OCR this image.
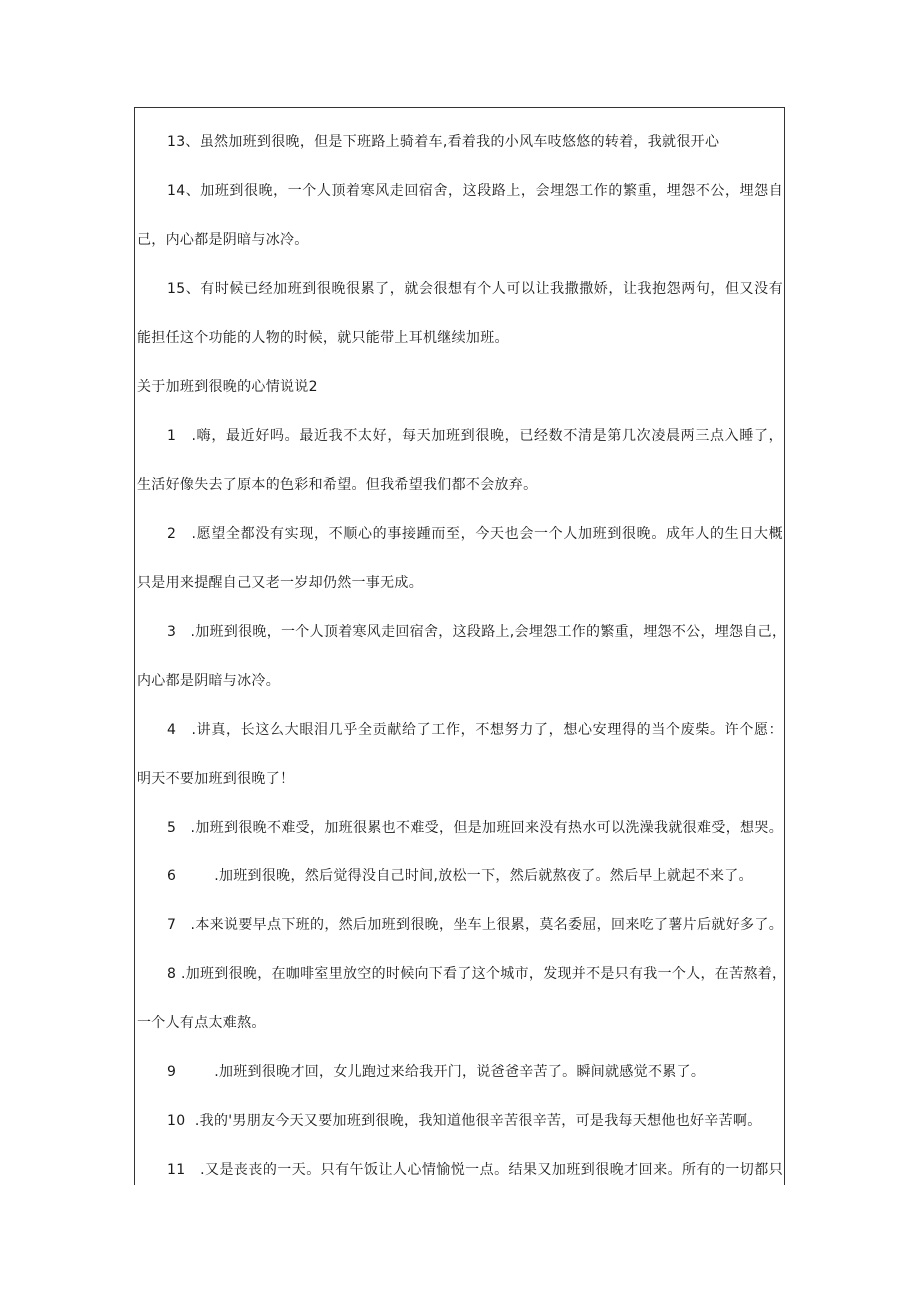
13、虽然加班到很晚，但是下班路上骑着车,看着我的小风车吱悠悠的转着，我就很开心
14、加班到很晚，一个人顶着寒风走回宿舍，这段路上，会埋怨工作的繁重，埋怨不公，埋怨自
己，内心都是阴暗与冰冷。
15、有时候已经加班到很晚很累了，就会很想有个人可以让我撒撒娇，让我抱怨两句，但又没有
能担任这个功能的人物的时候，就只能带上耳机继续加班。
关于加班到很晚的心情说说2
1   .嗨，最近好吗。最近我不太好，每天加班到很晚，已经数不清是第几次凌晨两三点入睡了，
生活好像失去了原本的色彩和希望。但我希望我们都不会放弃。
2   .愿望全都没有实现，不顺心的事接踵而至，今天也会一个人加班到很晚。成年人的生日大概
只是用来提醒自己又老一岁却仍然一事无成。
3   .加班到很晚，一个人顶着寒风走回宿舍，这段路上,会埋怨工作的繁重，埋怨不公，埋怨自己，
内心都是阴暗与冰冷。
4   .讲真，长这么大眼泪几乎全贡献给了工作，不想努力了，想心安理得的当个废柴。许个愿：
明天不要加班到很晚了！
5   .加班到很晚不难受，加班很累也不难受，但是加班回来没有热水可以洗澡我就很难受，想哭。
6        .加班到很晚，然后觉得没自己时间,放松一下，然后就熬夜了。然后早上就起不来了。
7   .本来说要早点下班的，然后加班到很晚，坐车上很累，莫名委屈，回来吃了薯片后就好多了。
8 .加班到很晚，在咖啡室里放空的时候向下看了这个城市，发现并不是只有我一个人，在苦熬着，
一个人有点太难熬。
9        .加班到很晚才回，女儿跑过来给我开门，说爸爸辛苦了。瞬间就感觉不累了。
10  .我的'男朋友今天又要加班到很晚，我知道他很辛苦很辛苦，可是我每天想他也好辛苦啊。
11   .又是丧丧的一天。只有午饭让人心情愉悦一点。结果又加班到很晚才回来。所有的一切都只
